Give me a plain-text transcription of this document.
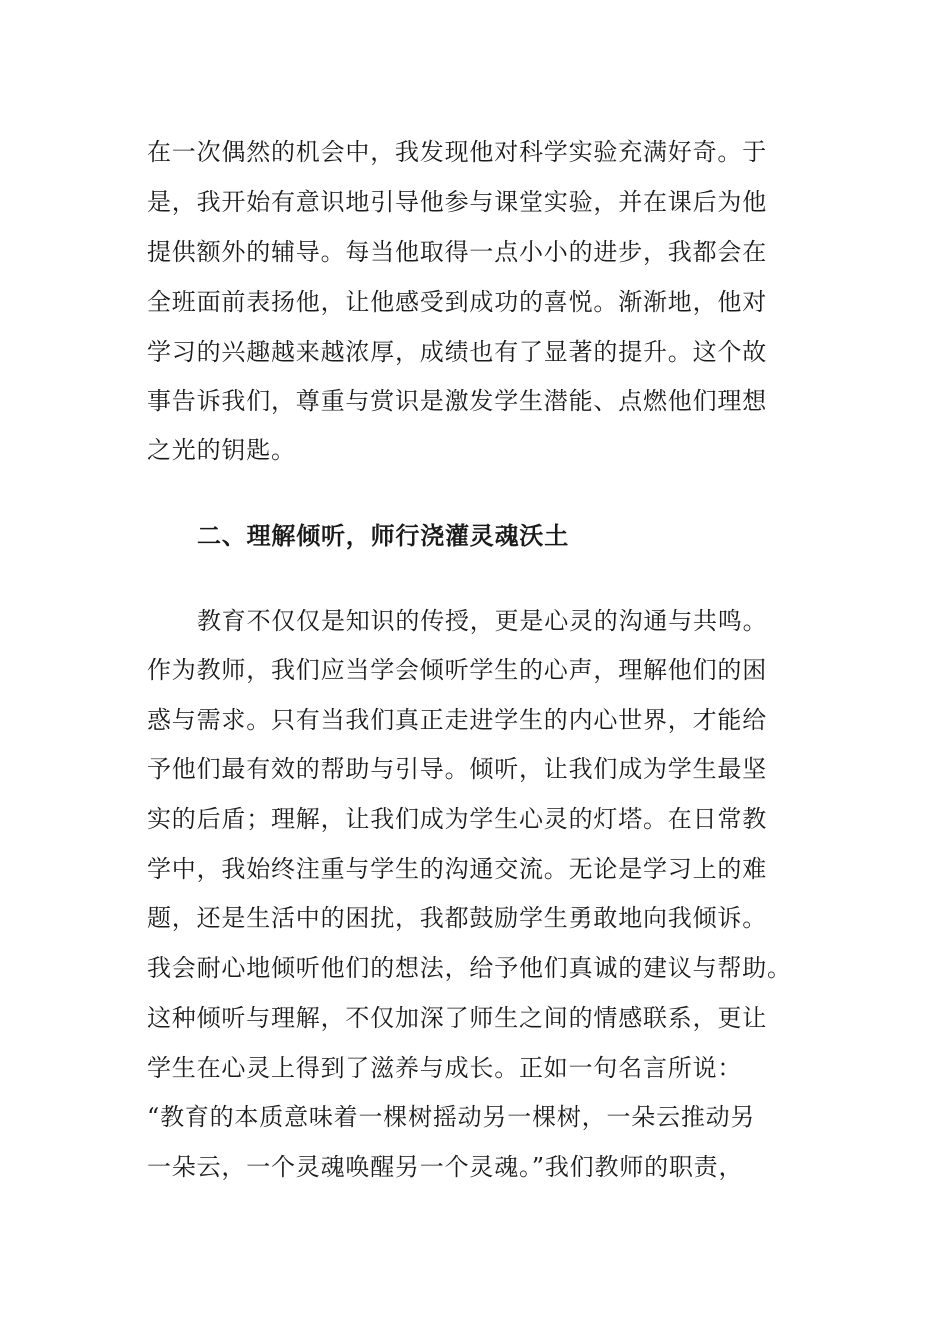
在一次偶然的机会中，我发现他对科学实验充满好奇。于
是，我开始有意识地引导他参与课堂实验，并在课后为他
提供额外的辅导。每当他取得一点小小的进步，我都会在
全班面前表扬他，让他感受到成功的喜悦。渐渐地，他对
学习的兴趣越来越浓厚，成绩也有了显著的提升。这个故
事告诉我们，尊重与赏识是激发学生潜能、点燃他们理想
之光的钥匙。
二、理解倾听，师行浇灌灵魂沃土
教育不仅仅是知识的传授，更是心灵的沟通与共鸣。
作为教师，我们应当学会倾听学生的心声，理解他们的困
惑与需求。只有当我们真正走进学生的内心世界，才能给
予他们最有效的帮助与引导。倾听，让我们成为学生最坚
实的后盾；理解，让我们成为学生心灵的灯塔。在日常教
学中，我始终注重与学生的沟通交流。无论是学习上的难
题，还是生活中的困扰，我都鼓励学生勇敢地向我倾诉。
我会耐心地倾听他们的想法，给予他们真诚的建议与帮助。
这种倾听与理解，不仅加深了师生之间的情感联系，更让
学生在心灵上得到了滋养与成长。正如一句名言所说：
“教育的本质意味着一棵树摇动另一棵树，一朵云推动另
一朵云，一个灵魂唤醒另一个灵魂。”我们教师的职责，
